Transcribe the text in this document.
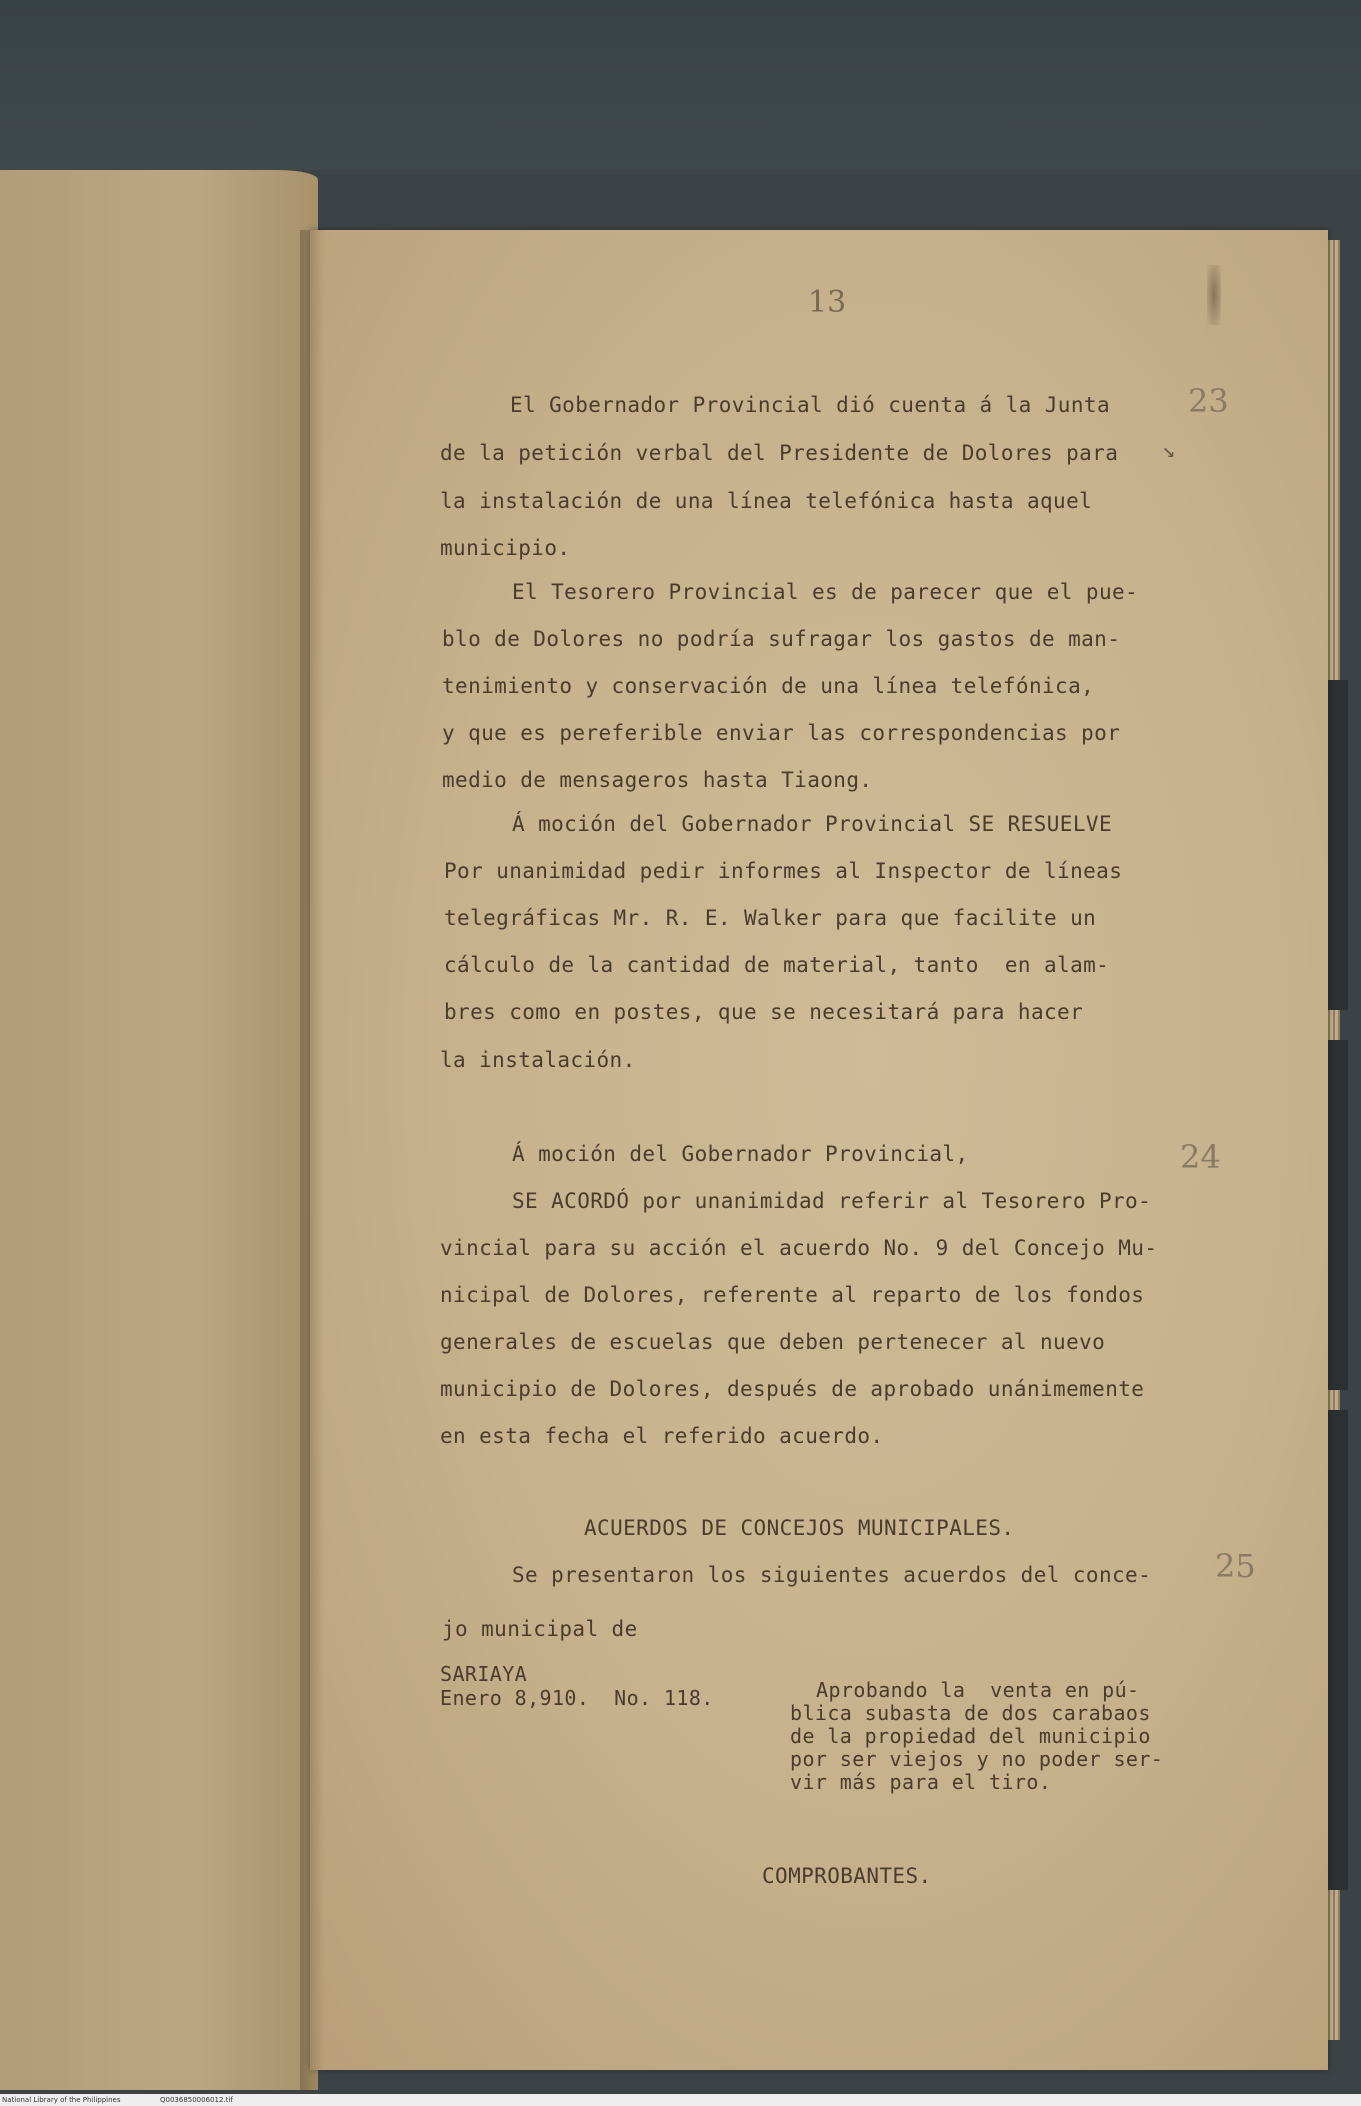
13
23
↘
24
25
El Gobernador Provincial dió cuenta á la Junta
de la petición verbal del Presidente de Dolores para
la instalación de una línea telefónica hasta aquel
municipio.
El Tesorero Provincial es de parecer que el pue-
blo de Dolores no podría sufragar los gastos de man-
tenimiento y conservación de una línea telefónica,
y que es pereferible enviar las correspondencias por
medio de mensageros hasta Tiaong.
Á moción del Gobernador Provincial SE RESUELVE
Por unanimidad pedir informes al Inspector de líneas
telegráficas Mr. R. E. Walker para que facilite un
cálculo de la cantidad de material, tanto  en alam-
bres como en postes, que se necesitará para hacer
la instalación.
Á moción del Gobernador Provincial,
SE ACORDÓ por unanimidad referir al Tesorero Pro-
vincial para su acción el acuerdo No. 9 del Concejo Mu-
nicipal de Dolores, referente al reparto de los fondos
generales de escuelas que deben pertenecer al nuevo
municipio de Dolores, después de aprobado unánimemente
en esta fecha el referido acuerdo.
ACUERDOS DE CONCEJOS MUNICIPALES.
Se presentaron los siguientes acuerdos del conce-
jo municipal de
SARIAYA
Enero 8,910.  No. 118.	Aprobando la  venta en pú-
blica subasta de dos carabaos
de la propiedad del municipio
por ser viejos y no poder ser-
vir más para el tiro.
COMPROBANTES.
National Library of the Philippines	Q0036850006012.tif
